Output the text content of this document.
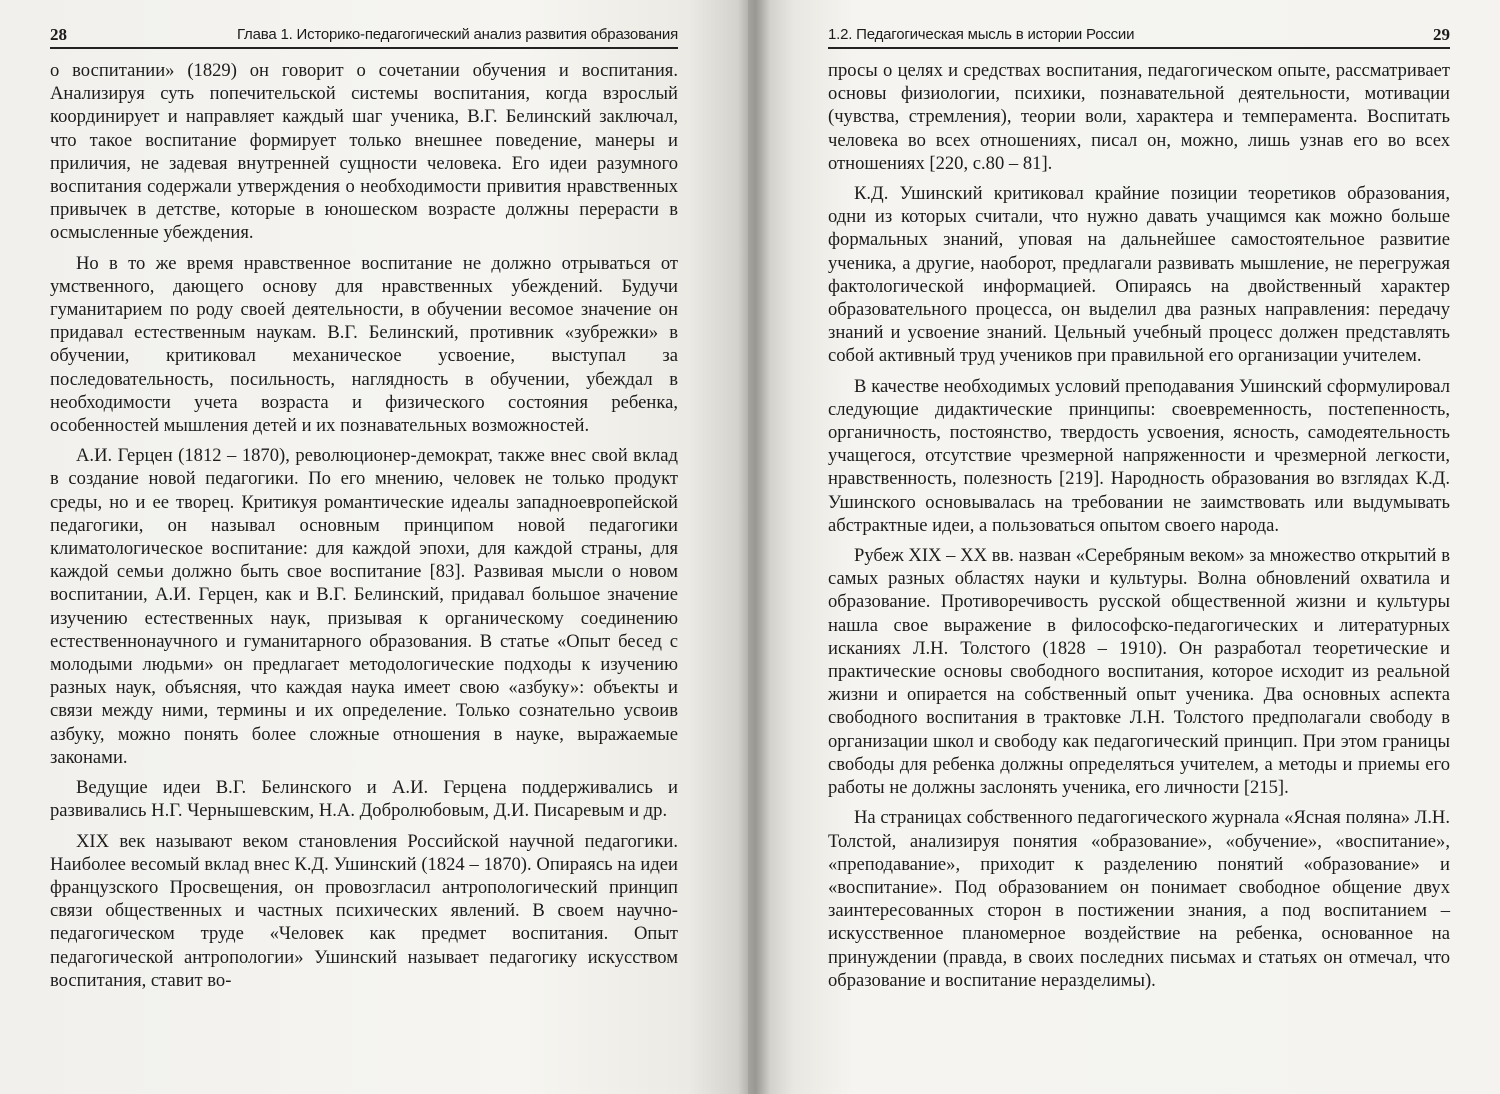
28	Глава 1. Историко-педагогический анализ развития образования

о воспитании» (1829) он говорит о сочетании обучения и воспитания. Анализируя суть попечительской системы воспитания, когда взрослый координирует и направляет каждый шаг ученика, В.Г. Белинский заключал, что такое воспитание формирует только внешнее поведение, манеры и приличия, не задевая внутренней сущности человека. Его идеи разумного воспитания содержали утверждения о необходимости привития нравственных привычек в детстве, которые в юношеском возрасте должны перерасти в осмысленные убеждения.

Но в то же время нравственное воспитание не должно отрываться от умственного, дающего основу для нравственных убеждений. Будучи гуманитарием по роду своей деятельности, в обучении весомое значение он придавал естественным наукам. В.Г. Белинский, противник «зубрежки» в обучении, критиковал механическое усвоение, выступал за последовательность, посильность, наглядность в обучении, убеждал в необходимости учета возраста и физического состояния ребенка, особенностей мышления детей и их познавательных возможностей.

А.И. Герцен (1812 – 1870), революционер-демократ, также внес свой вклад в создание новой педагогики. По его мнению, человек не только продукт среды, но и ее творец. Критикуя романтические идеалы западноевропейской педагогики, он называл основным принципом новой педагогики климатологическое воспитание: для каждой эпохи, для каждой страны, для каждой семьи должно быть свое воспитание [83]. Развивая мысли о новом воспитании, А.И. Герцен, как и В.Г. Белинский, придавал большое значение изучению естественных наук, призывая к органическому соединению естественнонаучного и гуманитарного образования. В статье «Опыт бесед с молодыми людьми» он предлагает методологические подходы к изучению разных наук, объясняя, что каждая наука имеет свою «азбуку»: объекты и связи между ними, термины и их определение. Только сознательно усвоив азбуку, можно понять более сложные отношения в науке, выражаемые законами.

Ведущие идеи В.Г. Белинского и А.И. Герцена поддерживались и развивались Н.Г. Чернышевским, Н.А. Добролюбовым, Д.И. Писаревым и др.

XIX век называют веком становления Российской научной педагогики. Наиболее весомый вклад внес К.Д. Ушинский (1824 – 1870). Опираясь на идеи французского Просвещения, он провозгласил антропологический принцип связи общественных и частных психических явлений. В своем научно-педагогическом труде «Человек как предмет воспитания. Опыт педагогической антропологии» Ушинский называет педагогику искусством воспитания, ставит во-

1.2. Педагогическая мысль в истории России	29

просы о целях и средствах воспитания, педагогическом опыте, рассматривает основы физиологии, психики, познавательной деятельности, мотивации (чувства, стремления), теории воли, характера и темперамента. Воспитать человека во всех отношениях, писал он, можно, лишь узнав его во всех отношениях [220, с.80 – 81].

К.Д. Ушинский критиковал крайние позиции теоретиков образования, одни из которых считали, что нужно давать учащимся как можно больше формальных знаний, уповая на дальнейшее самостоятельное развитие ученика, а другие, наоборот, предлагали развивать мышление, не перегружая фактологической информацией. Опираясь на двойственный характер образовательного процесса, он выделил два разных направления: передачу знаний и усвоение знаний. Цельный учебный процесс должен представлять собой активный труд учеников при правильной его организации учителем.

В качестве необходимых условий преподавания Ушинский сформулировал следующие дидактические принципы: своевременность, постепенность, органичность, постоянство, твердость усвоения, ясность, самодеятельность учащегося, отсутствие чрезмерной напряженности и чрезмерной легкости, нравственность, полезность [219]. Народность образования во взглядах К.Д. Ушинского основывалась на требовании не заимствовать или выдумывать абстрактные идеи, а пользоваться опытом своего народа.

Рубеж XIX – XX вв. назван «Серебряным веком» за множество открытий в самых разных областях науки и культуры. Волна обновлений охватила и образование. Противоречивость русской общественной жизни и культуры нашла свое выражение в философско-педагогических и литературных исканиях Л.Н. Толстого (1828 – 1910). Он разработал теоретические и практические основы свободного воспитания, которое исходит из реальной жизни и опирается на собственный опыт ученика. Два основных аспекта свободного воспитания в трактовке Л.Н. Толстого предполагали свободу в организации школ и свободу как педагогический принцип. При этом границы свободы для ребенка должны определяться учителем, а методы и приемы его работы не должны заслонять ученика, его личности [215].

На страницах собственного педагогического журнала «Ясная поляна» Л.Н. Толстой, анализируя понятия «образование», «обучение», «воспитание», «преподавание», приходит к разделению понятий «образование» и «воспитание». Под образованием он понимает свободное общение двух заинтересованных сторон в постижении знания, а под воспитанием – искусственное планомерное воздействие на ребенка, основанное на принуждении (правда, в своих последних письмах и статьях он отмечал, что образование и воспитание неразделимы).
